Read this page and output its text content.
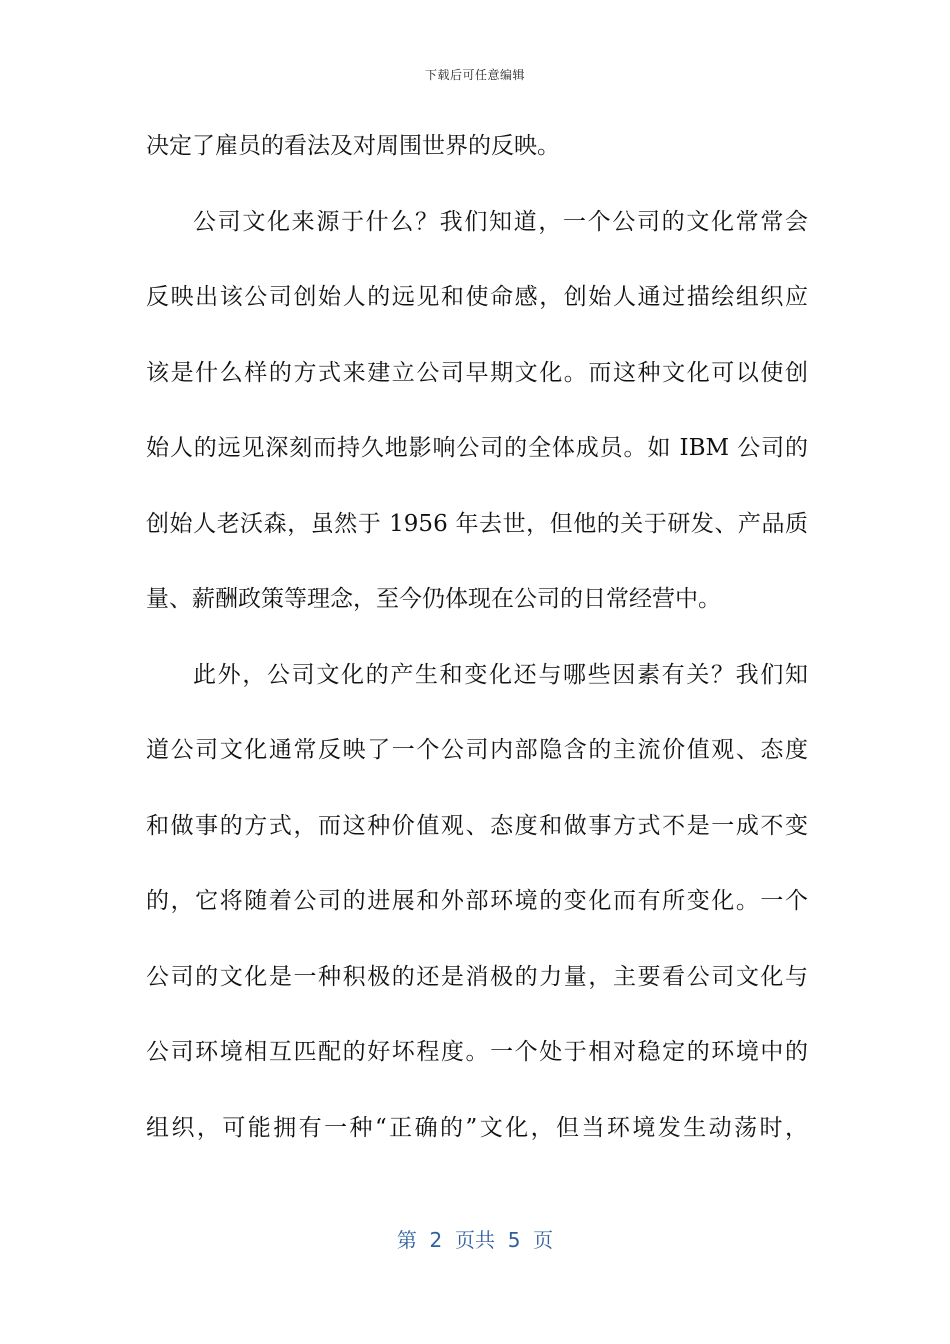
下载后可任意编辑
决定了雇员的看法及对周围世界的反映。
公司文化来源于什么？我们知道，一个公司的文化常常会
反映出该公司创始人的远见和使命感，创始人通过描绘组织应
该是什么样的方式来建立公司早期文化。而这种文化可以使创
始人的远见深刻而持久地影响公司的全体成员。如 IBM 公司的
创始人老沃森，虽然于 1956 年去世，但他的关于研发、产品质
量、薪酬政策等理念，至今仍体现在公司的日常经营中。
此外，公司文化的产生和变化还与哪些因素有关？我们知
道公司文化通常反映了一个公司内部隐含的主流价值观、态度
和做事的方式，而这种价值观、态度和做事方式不是一成不变
的，它将随着公司的进展和外部环境的变化而有所变化。一个
公司的文化是一种积极的还是消极的力量，主要看公司文化与
公司环境相互匹配的好坏程度。一个处于相对稳定的环境中的
组织，可能拥有一种“正确的”文化，但当环境发生动荡时，
第  2  页共  5  页
